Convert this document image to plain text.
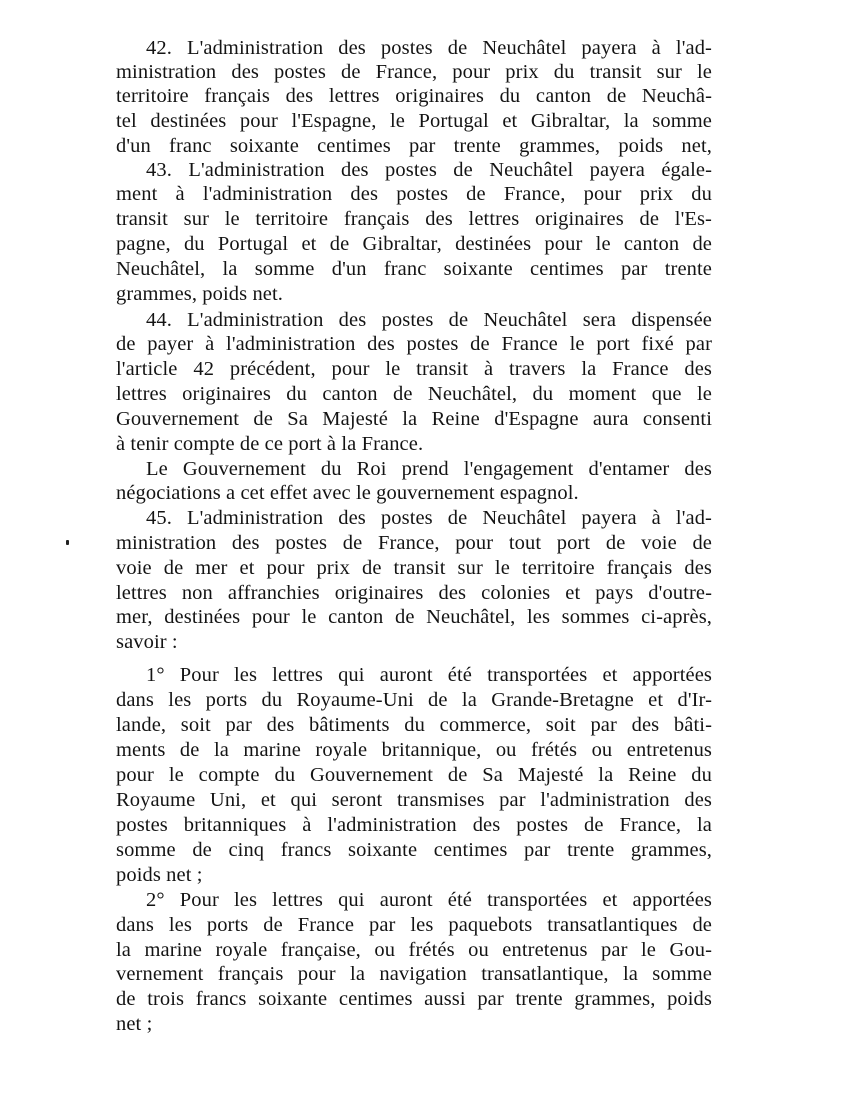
42. L'administration des postes de Neuchâtel payera à l'ad-
ministration des postes de France, pour prix du transit sur le
territoire français des lettres originaires du canton de Neuchâ-
tel destinées pour l'Espagne, le Portugal et Gibraltar, la somme
d'un franc soixante centimes par trente grammes, poids net,
43. L'administration des postes de Neuchâtel payera égale-
ment à l'administration des postes de France, pour prix du
transit sur le territoire français des lettres originaires de l'Es-
pagne, du Portugal et de Gibraltar, destinées pour le canton de
Neuchâtel, la somme d'un franc soixante centimes par trente
grammes, poids net.
44. L'administration des postes de Neuchâtel sera dispensée
de payer à l'administration des postes de France le port fixé par
l'article 42 précédent, pour le transit à travers la France des
lettres originaires du canton de Neuchâtel, du moment que le
Gouvernement de Sa Majesté la Reine d'Espagne aura consenti
à tenir compte de ce port à la France.
Le Gouvernement du Roi prend l'engagement d'entamer des
négociations a cet effet avec le gouvernement espagnol.
45. L'administration des postes de Neuchâtel payera à l'ad-
ministration des postes de France, pour tout port de voie de
voie de mer et pour prix de transit sur le territoire français des
lettres non affranchies originaires des colonies et pays d'outre-
mer, destinées pour le canton de Neuchâtel, les sommes ci-après,
savoir :
1° Pour les lettres qui auront été transportées et apportées
dans les ports du Royaume-Uni de la Grande-Bretagne et d'Ir-
lande, soit par des bâtiments du commerce, soit par des bâti-
ments de la marine royale britannique, ou frétés ou entretenus
pour le compte du Gouvernement de Sa Majesté la Reine du
Royaume Uni, et qui seront transmises par l'administration des
postes britanniques à l'administration des postes de France, la
somme de cinq francs soixante centimes par trente grammes,
poids net ;
2° Pour les lettres qui auront été transportées et apportées
dans les ports de France par les paquebots transatlantiques de
la marine royale française, ou frétés ou entretenus par le Gou-
vernement français pour la navigation transatlantique, la somme
de trois francs soixante centimes aussi par trente grammes, poids
net ;
